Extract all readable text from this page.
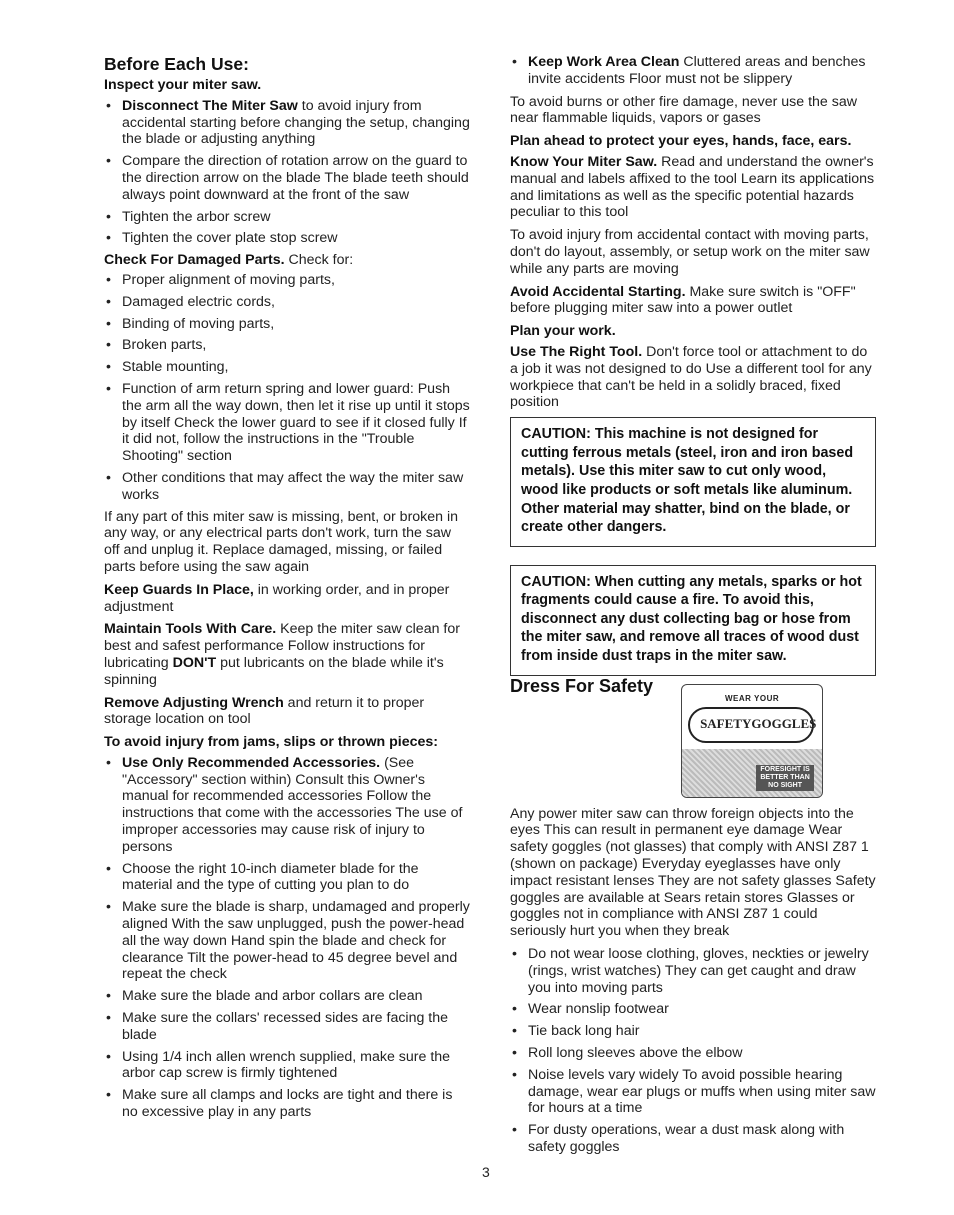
Before Each Use:

Inspect your miter saw.

• Disconnect The Miter Saw to avoid injury from accidental starting before changing the setup, changing the blade or adjusting anything
• Compare the direction of rotation arrow on the guard to the direction arrow on the blade The blade teeth should always point downward at the front of the saw
• Tighten the arbor screw
• Tighten the cover plate stop screw

Check For Damaged Parts. Check for:

• Proper alignment of moving parts,
• Damaged electric cords,
• Binding of moving parts,
• Broken parts,
• Stable mounting,
• Function of arm return spring and lower guard: Push the arm all the way down, then let it rise up until it stops by itself Check the lower guard to see if it closed fully If it did not, follow the instructions in the "Trouble Shooting" section
• Other conditions that may affect the way the miter saw works

If any part of this miter saw is missing, bent, or broken in any way, or any electrical parts don't work, turn the saw off and unplug it. Replace damaged, missing, or failed parts before using the saw again

Keep Guards In Place, in working order, and in proper adjustment

Maintain Tools With Care. Keep the miter saw clean for best and safest performance Follow instructions for lubricating DON'T put lubricants on the blade while it's spinning

Remove Adjusting Wrench and return it to proper storage location on tool

To avoid injury from jams, slips or thrown pieces:

• Use Only Recommended Accessories. (See "Accessory" section within) Consult this Owner's manual for recommended accessories Follow the instructions that come with the accessories The use of improper accessories may cause risk of injury to persons
• Choose the right 10-inch diameter blade for the material and the type of cutting you plan to do
• Make sure the blade is sharp, undamaged and properly aligned With the saw unplugged, push the power-head all the way down Hand spin the blade and check for clearance Tilt the power-head to 45 degree bevel and repeat the check
• Make sure the blade and arbor collars are clean
• Make sure the collars' recessed sides are facing the blade
• Using 1/4 inch allen wrench supplied, make sure the arbor cap screw is firmly tightened
• Make sure all clamps and locks are tight and there is no excessive play in any parts
• Keep Work Area Clean Cluttered areas and benches invite accidents Floor must not be slippery

To avoid burns or other fire damage, never use the saw near flammable liquids, vapors or gases

Plan ahead to protect your eyes, hands, face, ears.

Know Your Miter Saw. Read and understand the owner's manual and labels affixed to the tool Learn its applications and limitations as well as the specific potential hazards peculiar to this tool

To avoid injury from accidental contact with moving parts, don't do layout, assembly, or setup work on the miter saw while any parts are moving

Avoid Accidental Starting. Make sure switch is "OFF" before plugging miter saw into a power outlet

Plan your work.

Use The Right Tool. Don't force tool or attachment to do a job it was not designed to do Use a different tool for any workpiece that can't be held in a solidly braced, fixed position

CAUTION: This machine is not designed for cutting ferrous metals (steel, iron and iron based metals). Use this miter saw to cut only wood, wood like products or soft metals like aluminum. Other material may shatter, bind on the blade, or create other dangers.
CAUTION: When cutting any metals, sparks or hot fragments could cause a fire. To avoid this, disconnect any dust collecting bag or hose from the miter saw, and remove all traces of wood dust from inside dust traps in the miter saw.
Dress For Safety
WEAR YOUR
SAFETY GOGGLES
FORESIGHT IS BETTER THAN NO SIGHT

Any power miter saw can throw foreign objects into the eyes This can result in permanent eye damage Wear safety goggles (not glasses) that comply with ANSI Z87 1 (shown on package) Everyday eyeglasses have only impact resistant lenses They are not safety glasses Safety goggles are available at Sears retain stores Glasses or goggles not in compliance with ANSI Z87 1 could seriously hurt you when they break

• Do not wear loose clothing, gloves, neckties or jewelry (rings, wrist watches) They can get caught and draw you into moving parts
• Wear nonslip footwear
• Tie back long hair
• Roll long sleeves above the elbow
• Noise levels vary widely To avoid possible hearing damage, wear ear plugs or muffs when using miter saw for hours at a time
• For dusty operations, wear a dust mask along with safety goggles
3
